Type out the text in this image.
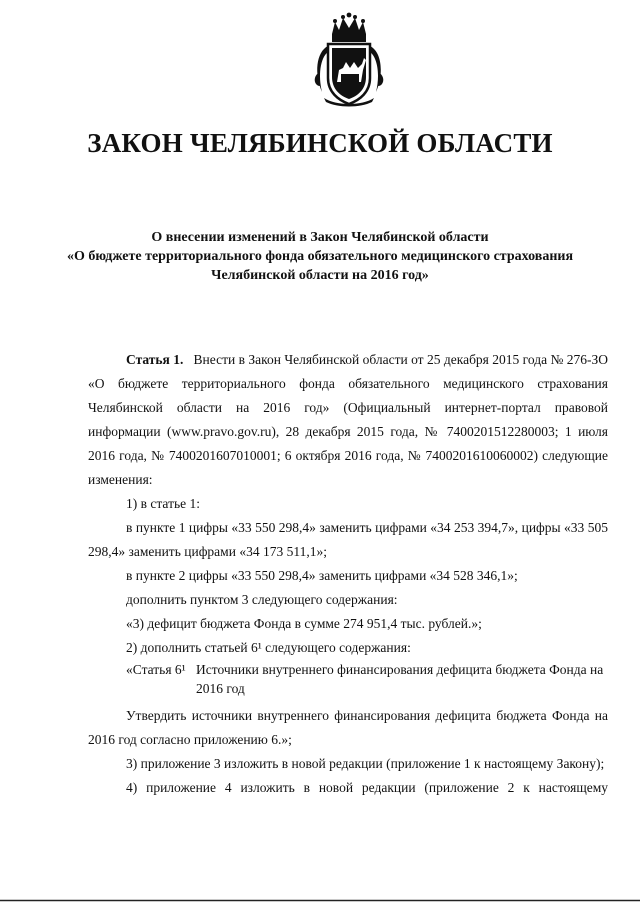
ЗАКОН ЧЕЛЯБИНСКОЙ ОБЛАСТИ
О внесении изменений в Закон Челябинской области
«О бюджете территориального фонда обязательного медицинского страхования
Челябинской области на 2016 год»

Статья 1. Внести в Закон Челябинской области от 25 декабря 2015 года № 276-ЗО «О бюджете территориального фонда обязательного медицинского страхования Челябинской области на 2016 год» (Официальный интернет-портал правовой информации (www.pravo.gov.ru), 28 декабря 2015 года, № 7400201512280003; 1 июля 2016 года, № 7400201607010001; 6 октября 2016 года, № 7400201610060002) следующие изменения:

1) в статье 1:

в пункте 1 цифры «33 550 298,4» заменить цифрами «34 253 394,7», цифры «33 505 298,4» заменить цифрами «34 173 511,1»;

в пункте 2 цифры «33 550 298,4» заменить цифрами «34 528 346,1»;

дополнить пунктом 3 следующего содержания:

«3) дефицит бюджета Фонда в сумме 274 951,4 тыс. рублей.»;

2) дополнить статьей 6¹ следующего содержания:

«Статья 6¹ Источники внутреннего финансирования дефицита бюджета Фонда на 2016 год

Утвердить источники внутреннего финансирования дефицита бюджета Фонда на 2016 год согласно приложению 6.»;

3) приложение 3 изложить в новой редакции (приложение 1 к настоящему Закону);

4) приложение 4 изложить в новой редакции (приложение 2 к настоящему
